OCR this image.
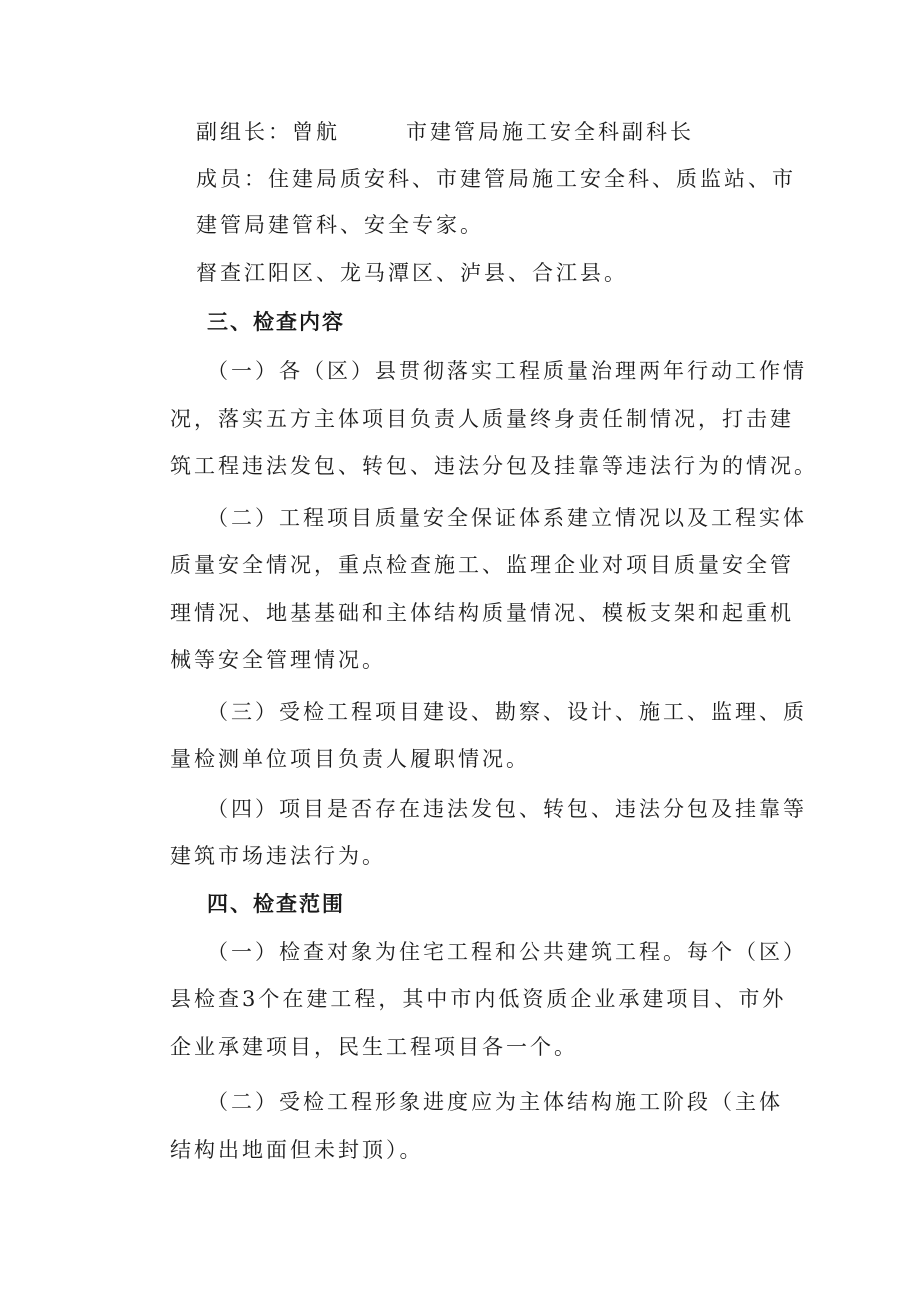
副组长：曾航	市建管局施工安全科副科长
成员：住建局质安科、市建管局施工安全科、质监站、市
建管局建管科、安全专家。
督查江阳区、龙马潭区、泸县、合江县。
三、检查内容
（一）各（区）县贯彻落实工程质量治理两年行动工作情
况，落实五方主体项目负责人质量终身责任制情况，打击建
筑工程违法发包、转包、违法分包及挂靠等违法行为的情况。
（二）工程项目质量安全保证体系建立情况以及工程实体
质量安全情况，重点检查施工、监理企业对项目质量安全管
理情况、地基基础和主体结构质量情况、模板支架和起重机
械等安全管理情况。
（三）受检工程项目建设、勘察、设计、施工、监理、质
量检测单位项目负责人履职情况。
（四）项目是否存在违法发包、转包、违法分包及挂靠等
建筑市场违法行为。
四、检查范围
（一）检查对象为住宅工程和公共建筑工程。每个（区）
县检查3个在建工程，其中市内低资质企业承建项目、市外
企业承建项目，民生工程项目各一个。
（二）受检工程形象进度应为主体结构施工阶段（主体
结构出地面但未封顶）。
